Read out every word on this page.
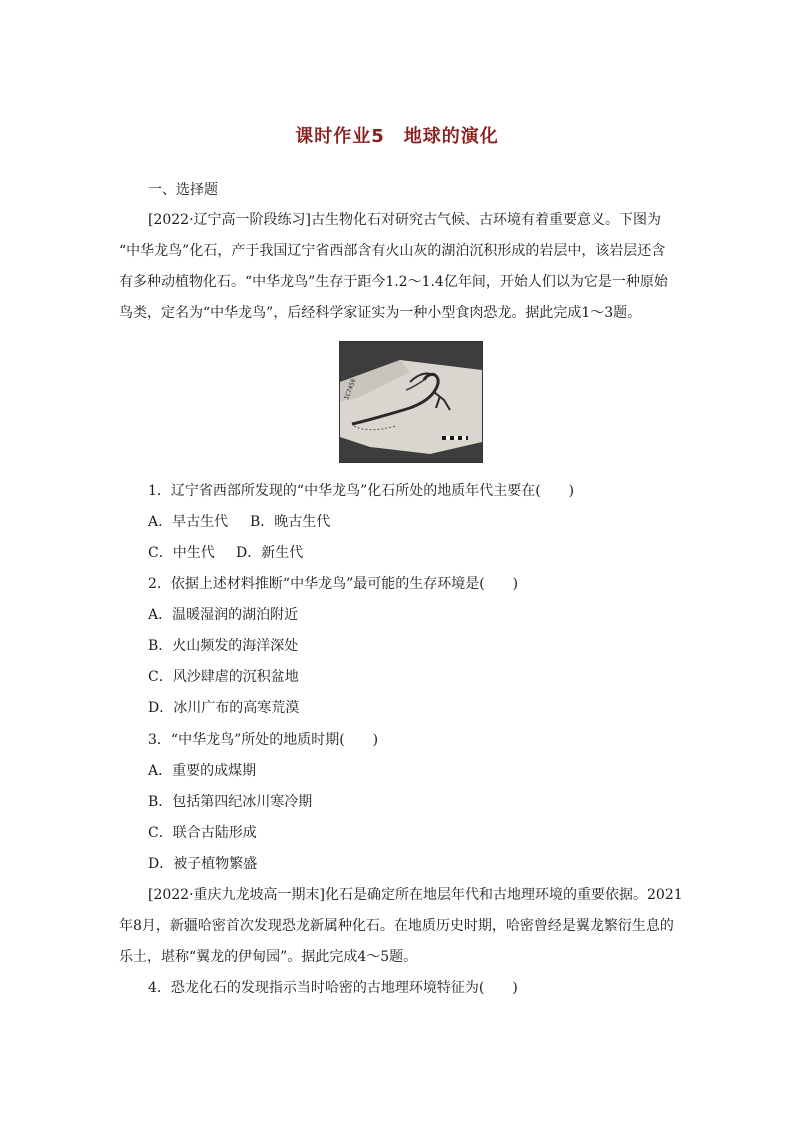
课时作业5　地球的演化
一、选择题
[2022·辽宁高一阶段练习]古生物化石对研究古气候、古环境有着重要意义。下图为
“中华龙鸟”化石，产于我国辽宁省西部含有火山灰的湖泊沉积形成的岩层中，该岩层还含
有多种动植物化石。“中华龙鸟”生存于距今1.2～1.4亿年间，开始人们以为它是一种原始
鸟类，定名为“中华龙鸟”，后经科学家证实为一种小型食肉恐龙。据此完成1～3题。
IC7456
1．辽宁省西部所发现的“中华龙鸟”化石所处的地质年代主要在(　　)
A．早古生代 B．晚古生代
C．中生代 D．新生代
2．依据上述材料推断“中华龙鸟”最可能的生存环境是(　　)
A．温暖湿润的湖泊附近
B．火山频发的海洋深处
C．风沙肆虐的沉积盆地
D．冰川广布的高寒荒漠
3．“中华龙鸟”所处的地质时期(　　)
A．重要的成煤期
B．包括第四纪冰川寒冷期
C．联合古陆形成
D．被子植物繁盛
[2022·重庆九龙坡高一期末]化石是确定所在地层年代和古地理环境的重要依据。2021
年8月，新疆哈密首次发现恐龙新属种化石。在地质历史时期，哈密曾经是翼龙繁衍生息的
乐土，堪称“翼龙的伊甸园”。据此完成4～5题。
4．恐龙化石的发现指示当时哈密的古地理环境特征为(　　)
